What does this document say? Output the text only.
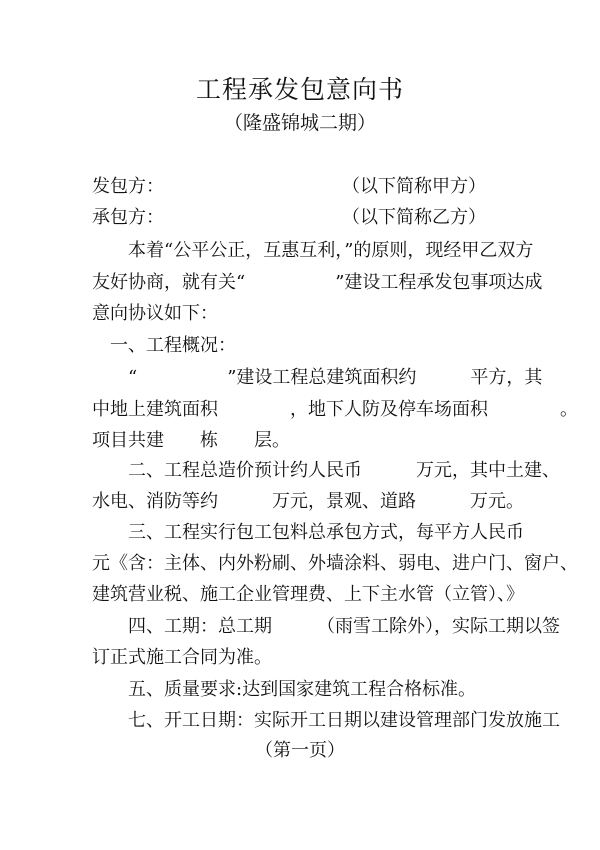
工程承发包意向书
（隆盛锦城二期）
发包方：	（以下简称甲方）
承包方：	（以下简称乙方）
　　本着“公平公正，互惠互利，”的原则，现经甲乙双方
友好协商，就有关“　　　　　”建设工程承发包事项达成
意向协议如下：
　一、工程概况：
　　“　　　　　”建设工程总建筑面积约　　　平方，其
中地上建筑面积　　　　，地下人防及停车场面积　　　　。
项目共建　　栋　　层。
　　二、工程总造价预计约人民币　　　万元，其中土建、
水电、消防等约　　　万元，景观、道路　　　万元。
　　三、工程实行包工包料总承包方式，每平方人民币
元《含：主体、内外粉刷、外墙涂料、弱电、进户门、窗户、
建筑营业税、施工企业管理费、上下主水管（立管）、》
　　四、工期：总工期　　　（雨雪工除外），实际工期以签
订正式施工合同为准。
　　五、质量要求:达到国家建筑工程合格标准。
　　七、开工日期：实际开工日期以建设管理部门发放施工
（第一页）
